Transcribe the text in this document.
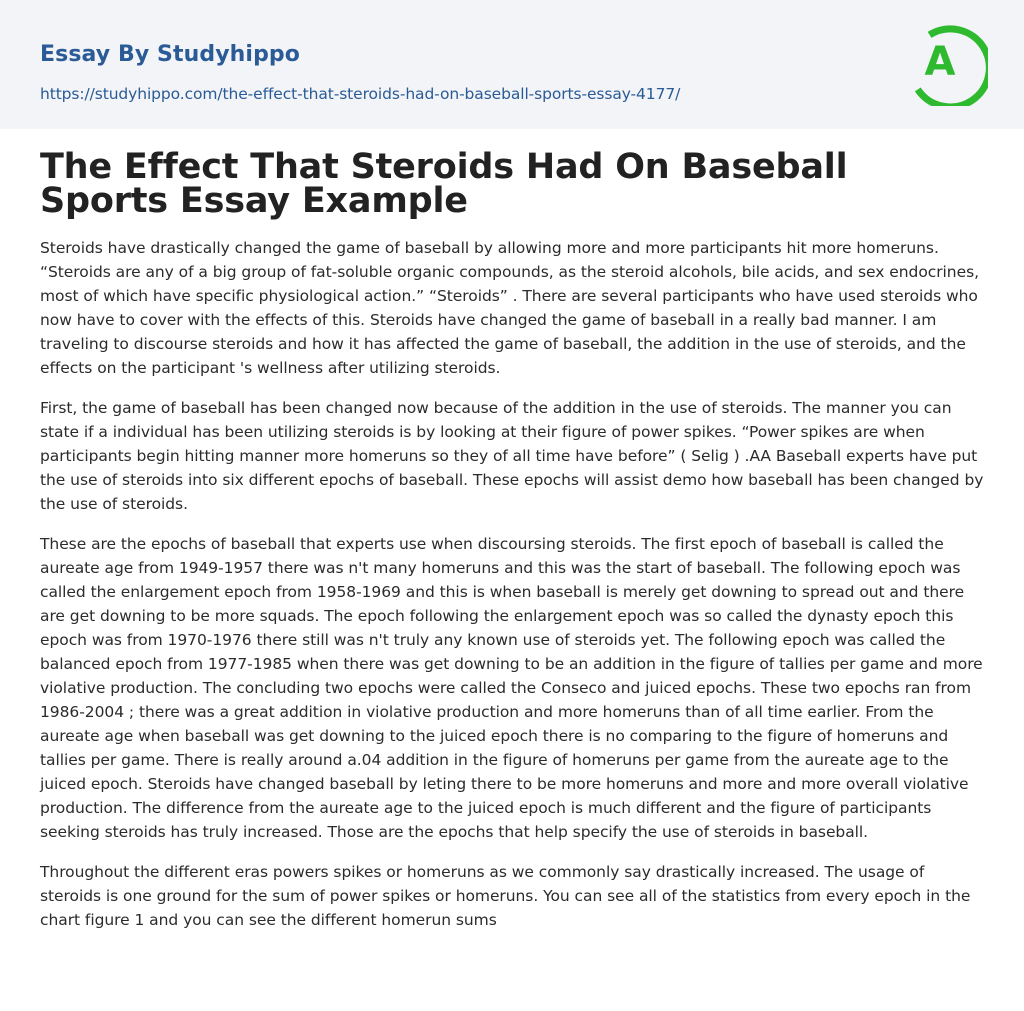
Essay By Studyhippo
https://studyhippo.com/the-effect-that-steroids-had-on-baseball-sports-essay-4177/
A
The Effect That Steroids Had On Baseball Sports Essay Example

Steroids have drastically changed the game of baseball by allowing more and more participants hit more homeruns. “Steroids are any of a big group of fat-soluble organic compounds, as the steroid alcohols, bile acids, and sex endocrines, most of which have specific physiological action.” “Steroids” . There are several participants who have used steroids who now have to cover with the effects of this. Steroids have changed the game of baseball in a really bad manner. I am traveling to discourse steroids and how it has affected the game of baseball, the addition in the use of steroids, and the effects on the participant 's wellness after utilizing steroids.

First, the game of baseball has been changed now because of the addition in the use of steroids. The manner you can state if a individual has been utilizing steroids is by looking at their figure of power spikes. “Power spikes are when participants begin hitting manner more homeruns so they of all time have before” ( Selig ) .AA Baseball experts have put the use of steroids into six different epochs of baseball. These epochs will assist demo how baseball has been changed by the use of steroids.

These are the epochs of baseball that experts use when discoursing steroids. The first epoch of baseball is called the aureate age from 1949-1957 there was n't many homeruns and this was the start of baseball. The following epoch was called the enlargement epoch from 1958-1969 and this is when baseball is merely get downing to spread out and there are get downing to be more squads. The epoch following the enlargement epoch was so called the dynasty epoch this epoch was from 1970-1976 there still was n't truly any known use of steroids yet. The following epoch was called the balanced epoch from 1977-1985 when there was get downing to be an addition in the figure of tallies per game and more violative production. The concluding two epochs were called the Conseco and juiced epochs. These two epochs ran from 1986-2004 ; there was a great addition in violative production and more homeruns than of all time earlier. From the aureate age when baseball was get downing to the juiced epoch there is no comparing to the figure of homeruns and tallies per game. There is really around a.04 addition in the figure of homeruns per game from the aureate age to the juiced epoch. Steroids have changed baseball by leting there to be more homeruns and more and more overall violative production. The difference from the aureate age to the juiced epoch is much different and the figure of participants seeking steroids has truly increased. Those are the epochs that help specify the use of steroids in baseball.

Throughout the different eras powers spikes or homeruns as we commonly say drastically increased. The usage of steroids is one ground for the sum of power spikes or homeruns. You can see all of the statistics from every epoch in the chart figure 1 and you can see the different homerun sums
